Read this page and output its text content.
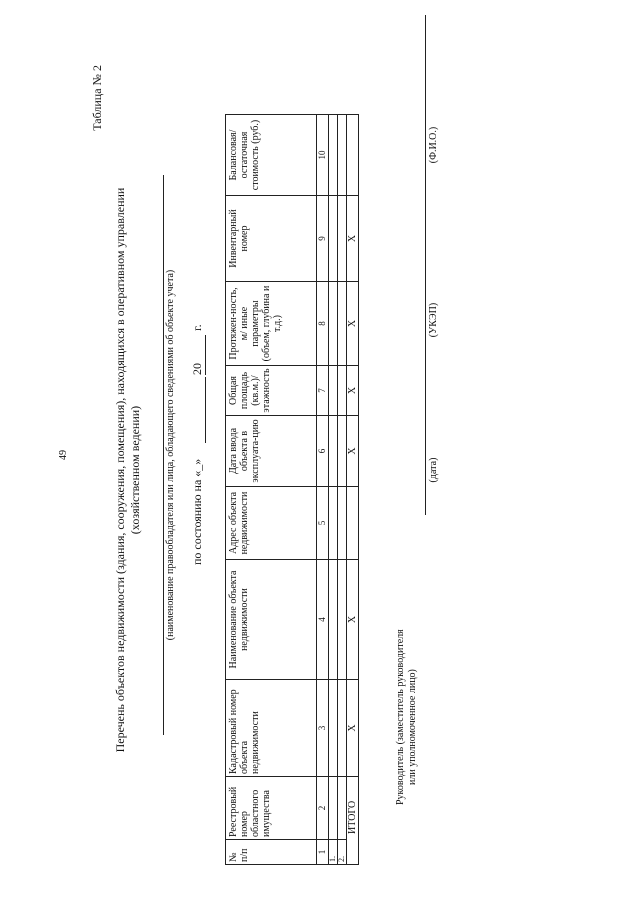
49
Таблица № 2
Перечень объектов недвижимости (здания, сооружения, помещения), находящихся в оперативном управлении (хозяйственном ведении) (наименование правообладателя или лица, обладающего сведениями об объекте учета) по состоянию на «_»
20
г.
№ п/п	Реестровый номер областного имущества	Кадастровый номер объекта недвижимости	Наименование объекта недвижимости	Адрес объекта недвижимости	Дата ввода объекта в эксплуата-цию	Общая площадь (кв.м.)/ этажность	Протяжен-ность, м/ иные параметры (объем, глубина и т.д.)	Инвентарный номер	Балансовая/ остаточная стоимость (руб.)
1	2	3	4	5	6	7	8	9	10
1.									
2.									
ИТОГО		X	X		X	X	X	X	
Руководитель (заместитель руководителя или уполномоченное лицо)
(дата)
(УКЭП)
(Ф.И.О.)
